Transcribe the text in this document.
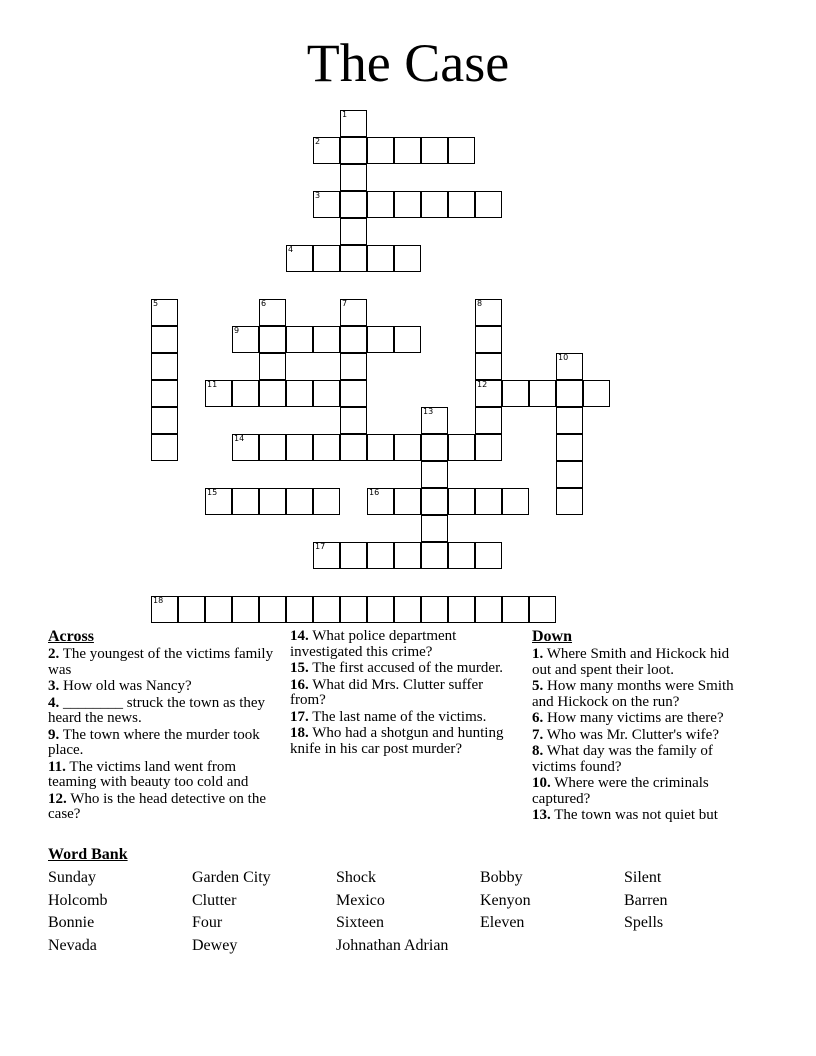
The Case
1
2
3
4
5	6	7	8
12
9
10
11
13
14
15	16
17
18
Across
2. The youngest of the victims family was
3. How old was Nancy?
4. ________ struck the town as they heard the news.
9. The town where the murder took place.
11. The victims land went from teaming with beauty too cold and
12. Who is the head detective on the case?
14. What police department investigated this crime?
15. The first accused of the murder.
16. What did Mrs. Clutter suffer from?
17. The last name of the victims.
18. Who had a shotgun and hunting knife in his car post murder?
Down
1. Where Smith and Hickock hid out and spent their loot.
5. How many months were Smith and Hickock on the run?
6. How many victims are there?
7. Who was Mr. Clutter's wife?
8. What day was the family of victims found?
10. Where were the criminals captured?
13. The town was not quiet but
Word Bank
Sunday	Garden City	Shock	Bobby	Silent
Holcomb	Clutter	Mexico	Kenyon	Barren
Bonnie	Four	Sixteen	Eleven	Spells
Nevada	Dewey	Johnathan Adrian
